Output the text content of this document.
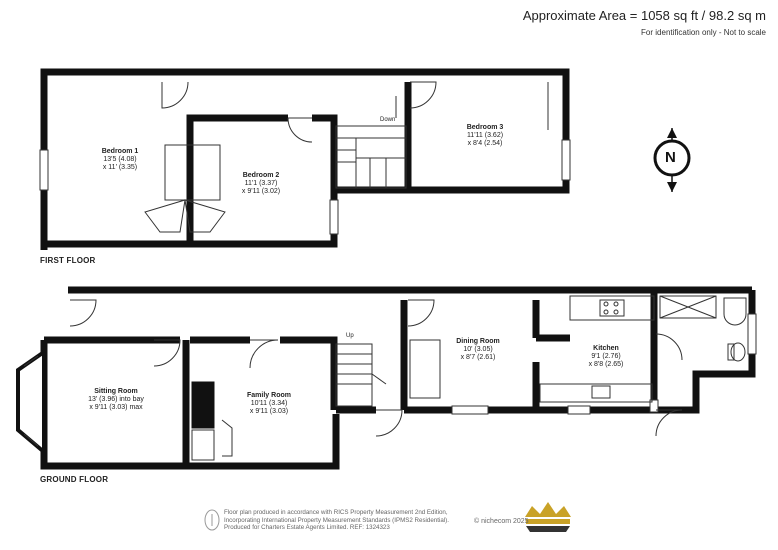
Approximate Area = 1058 sq ft / 98.2 sq m
For identification only - Not to scale
N
Bedroom 1
13'5 (4.08)
x 11' (3.35)
Bedroom 2
11'1 (3.37)
x 9'11 (3.02)
Bedroom 3
11'11 (3.62)
x 8'4 (2.54)
Down
FIRST FLOOR
Sitting Room
13' (3.96) into bay
x 9'11 (3.03) max
Family Room
10'11 (3.34)
x 9'11 (3.03)
Dining Room
10' (3.05)
x 8'7 (2.61)
Kitchen
9'1 (2.76)
x 8'8 (2.65)
Up
GROUND FLOOR
Floor plan produced in accordance with RICS Property Measurement 2nd Edition,
Incorporating International Property Measurement Standards (IPMS2 Residential).
Produced for Charters Estate Agents Limited. REF: 1324323
© nichecom 2025
